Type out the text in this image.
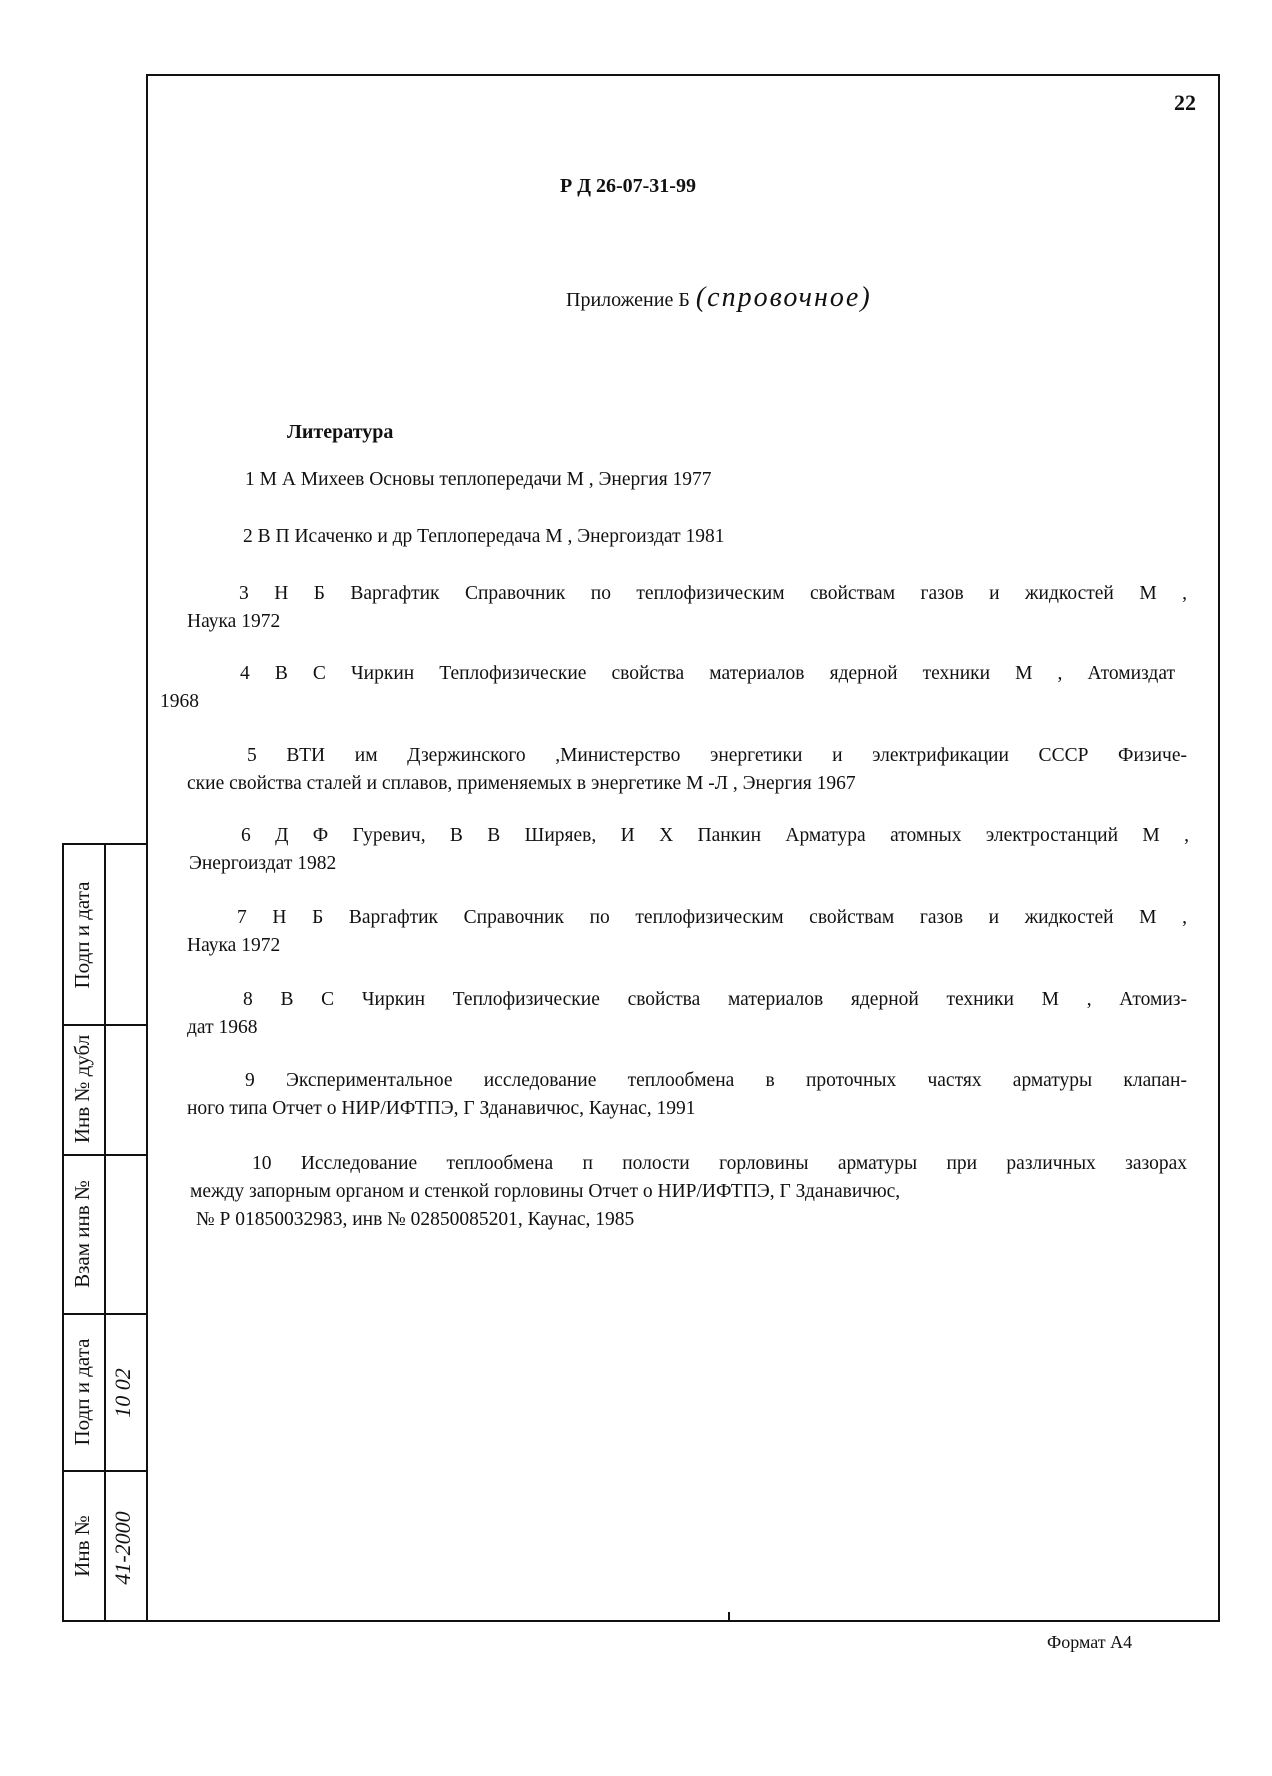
22
Р Д 26-07-31-99
Приложение Б (спровочное)
Литература
1 М А Михеев Основы теплопередачи М , Энергия 1977
2 В П Исаченко и др Теплопередача М , Энергоиздат 1981
3 Н Б Варгафтик Справочник по теплофизическим свойствам газов и жидкостей М ,
Наука 1972
4 В С Чиркин Теплофизические свойства материалов ядерной техники М , Атомиздат
1968
5 ВТИ им Дзержинского ,Министерство энергетики и электрификации СССР Физиче-
ские свойства сталей и сплавов, применяемых в энергетике М -Л , Энергия 1967
6 Д Ф Гуревич, В В Ширяев, И Х Панкин Арматура атомных электростанций М ,
Энергоиздат 1982
7 Н Б Варгафтик Справочник по теплофизическим свойствам газов и жидкостей М ,
Наука 1972
8 В С Чиркин Теплофизические свойства материалов ядерной техники М , Атомиз-
дат 1968
9 Экспериментальное исследование теплообмена в проточных частях арматуры клапан-
ного типа Отчет о НИР/ИФТПЭ, Г Зданавичюс, Каунас, 1991
10 Исследование теплообмена п полости горловины арматуры при различных зазорах
между запорным органом и стенкой горловины Отчет о НИР/ИФТПЭ, Г Зданавичюс,
№ Р 01850032983, инв № 02850085201, Каунас, 1985
Подп и дата
Инв № дубл
Взам инв №
Подп и дата
Инв №
10 02
41-2000
Формат А4
